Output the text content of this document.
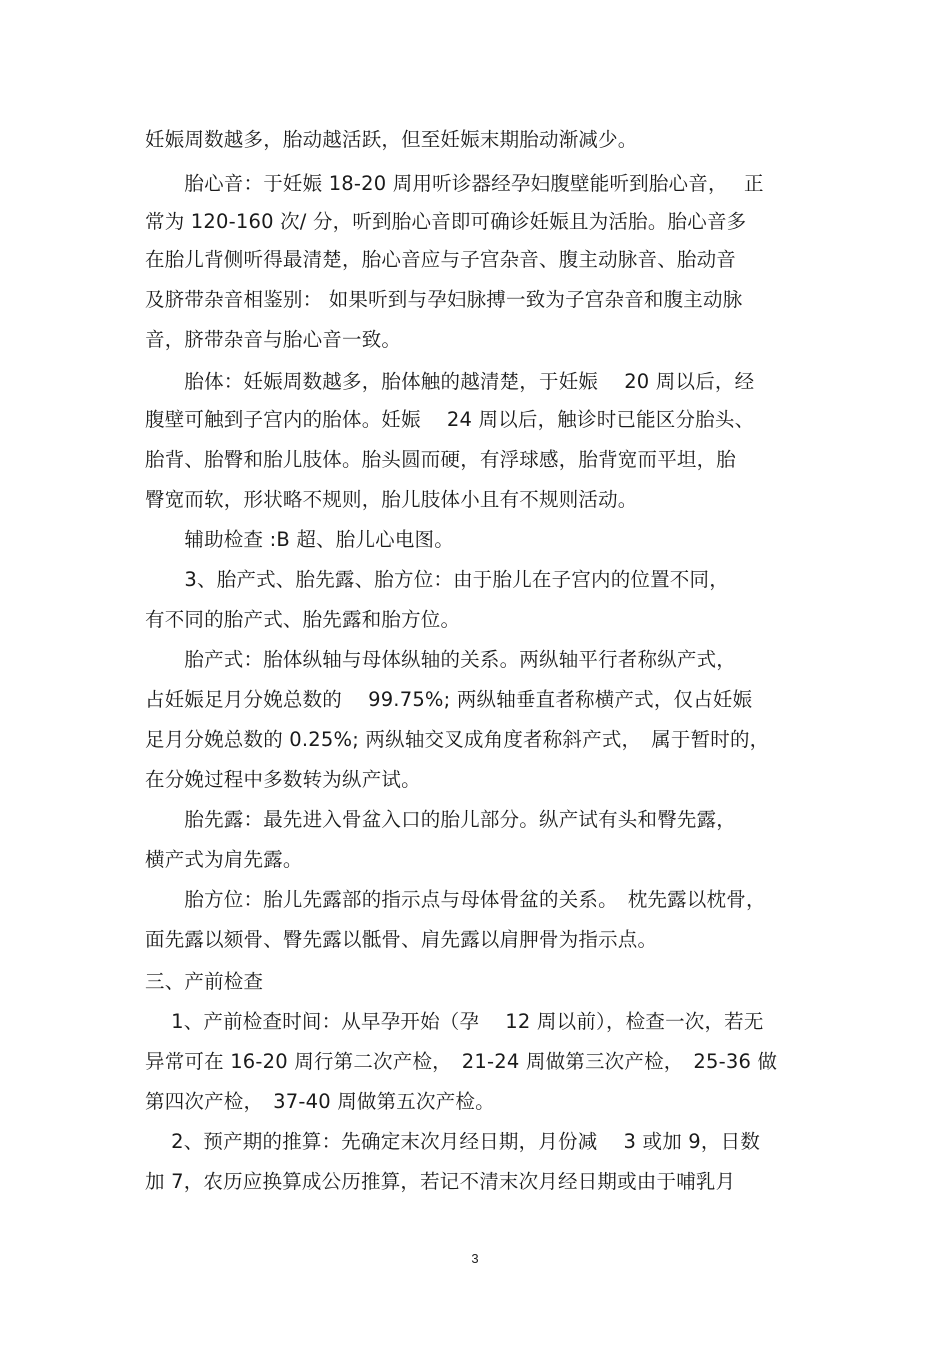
妊娠周数越多，胎动越活跃，但至妊娠末期胎动渐减少。
　　胎心音：于妊娠 18-20 周用听诊器经孕妇腹壁能听到胎心音，　 正
常为 120-160 次/ 分，听到胎心音即可确诊妊娠且为活胎。胎心音多
在胎儿背侧听得最清楚，胎心音应与子宫杂音、腹主动脉音、胎动音
及脐带杂音相鉴别： 如果听到与孕妇脉搏一致为子宫杂音和腹主动脉
音，脐带杂音与胎心音一致。
　　胎体：妊娠周数越多，胎体触的越清楚，于妊娠　 20 周以后，经
腹壁可触到子宫内的胎体。妊娠　 24 周以后，触诊时已能区分胎头、
胎背、胎臀和胎儿肢体。胎头圆而硬，有浮球感，胎背宽而平坦，胎
臀宽而软，形状略不规则，胎儿肢体小且有不规则活动。
　　辅助检查 :B 超、胎儿心电图。
　　3、胎产式、胎先露、胎方位：由于胎儿在子宫内的位置不同，
有不同的胎产式、胎先露和胎方位。
　　胎产式：胎体纵轴与母体纵轴的关系。两纵轴平行者称纵产式，
占妊娠足月分娩总数的　 99.75%; 两纵轴垂直者称横产式，仅占妊娠
足月分娩总数的 0.25%; 两纵轴交叉成角度者称斜产式，　属于暂时的，
在分娩过程中多数转为纵产试。
　　胎先露：最先进入骨盆入口的胎儿部分。纵产试有头和臀先露，
横产式为肩先露。
　　胎方位：胎儿先露部的指示点与母体骨盆的关系。　枕先露以枕骨，
面先露以颏骨、臀先露以骶骨、肩先露以肩胛骨为指示点。
三、产前检查
　 1、产前检查时间：从早孕开始（孕　 12 周以前），检查一次，若无
异常可在 16-20 周行第二次产检，　21-24 周做第三次产检，　25-36 做
第四次产检，　37-40 周做第五次产检。
　 2、预产期的推算：先确定末次月经日期，月份减　 3 或加 9，日数
加 7，农历应换算成公历推算，若记不清末次月经日期或由于哺乳月
3
